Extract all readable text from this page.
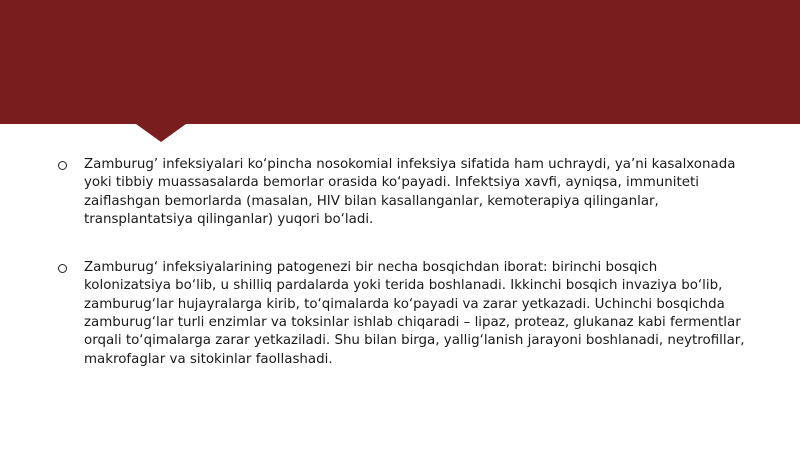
Zamburug’ infeksiyalari ko‘pincha nosokomial infeksiya sifatida ham uchraydi, ya’ni kasalxonada yoki tibbiy muassasalarda bemorlar orasida ko‘payadi. Infektsiya xavfi, ayniqsa, immuniteti zaiflashgan bemorlarda (masalan, HIV bilan kasallanganlar, kemoterapiya qilinganlar, transplantatsiya qilinganlar) yuqori bo‘ladi.

Zamburug‘ infeksiyalarining patogenezi bir necha bosqichdan iborat: birinchi bosqich kolonizatsiya bo‘lib, u shilliq pardalarda yoki terida boshlanadi. Ikkinchi bosqich invaziya bo‘lib, zamburug‘lar hujayralarga kirib, to‘qimalarda ko‘payadi va zarar yetkazadi. Uchinchi bosqichda zamburug‘lar turli enzimlar va toksinlar ishlab chiqaradi – lipaz, proteaz, glukanaz kabi fermentlar orqali to‘qimalarga zarar yetkaziladi. Shu bilan birga, yallig‘lanish jarayoni boshlanadi, neytrofillar, makrofaglar va sitokinlar faollashadi.
